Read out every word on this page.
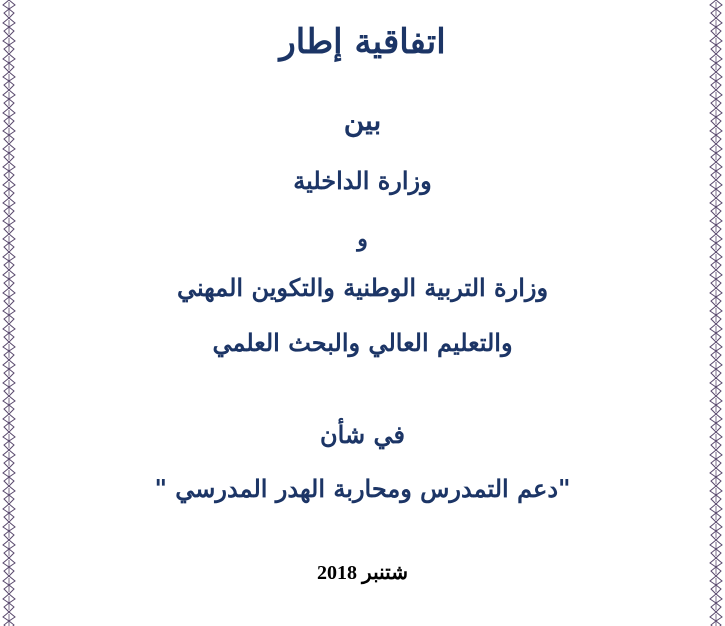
اتفاقية إطار
بين
وزارة الداخلية
و
وزارة التربية الوطنية والتكوين المهني
والتعليم العالي والبحث العلمي
في شأن
"دعم التمدرس ومحاربة الهدر المدرسي "
شتنبر 2018
